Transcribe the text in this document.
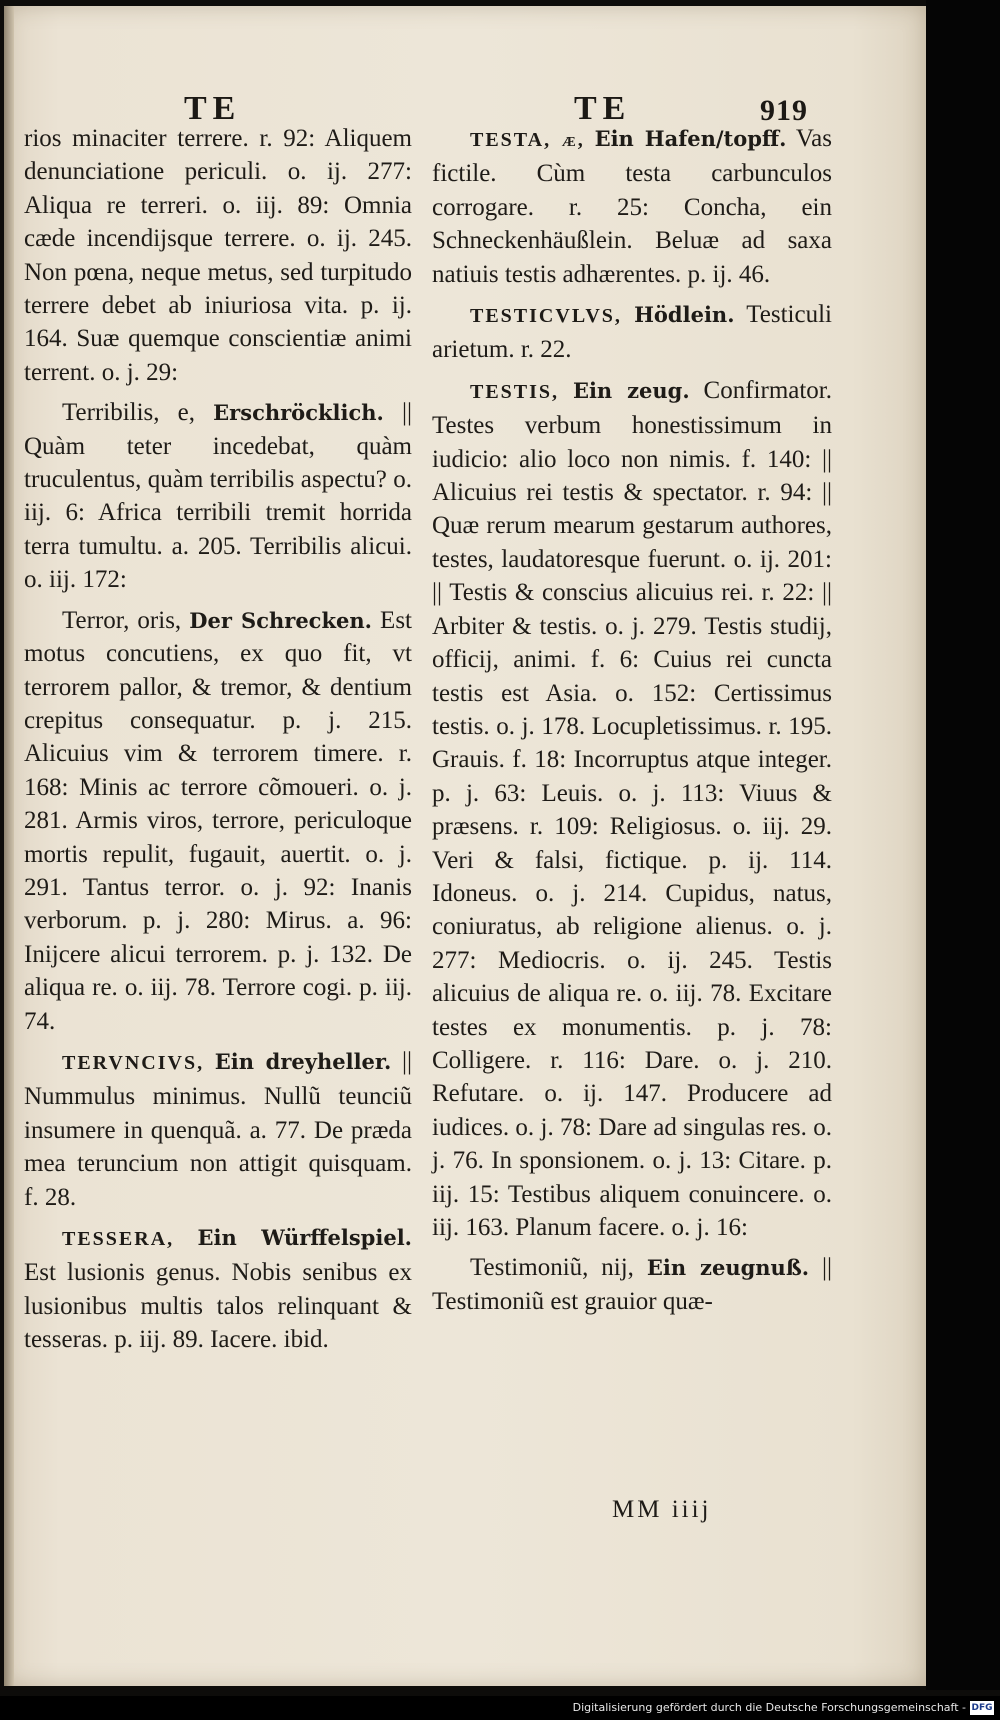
TE	TE	919

rios minaciter terrere. r. 92: Aliquem denunciatione periculi. o. ij. 277: Aliqua re terreri. o. iij. 89: Omnia cæde incendijsque terrere. o. ij. 245. Non pœna, neque metus, sed turpitudo terrere debet ab iniuriosa vita. p. ij. 164. Suæ quemque conscientiæ animi terrent. o. j. 29:

Terribilis, e, Erschröcklich. || Quàm teter incedebat, quàm truculentus, quàm terribilis aspectu? o. iij. 6: Africa terribili tremit horrida terra tumultu. a. 205. Terribilis alicui. o. iij. 172:

Terror, oris, Der Schrecken. Est motus concutiens, ex quo fit, vt terrorem pallor, & tremor, & dentium crepitus consequatur. p. j. 215. Alicuius vim & terrorem timere. r. 168: Minis ac terrore cõmoueri. o. j. 281. Armis viros, terrore, periculoque mortis repulit, fugauit, auertit. o. j. 291. Tantus terror. o. j. 92: Inanis verborum. p. j. 280: Mirus. a. 96: Inijcere alicui terrorem. p. j. 132. De aliqua re. o. iij. 78. Terrore cogi. p. iij. 74.

TERVNCIVS, Ein dreyheller. || Nummulus minimus. Nullũ teunciũ insumere in quenquã. a. 77. De præda mea teruncium non attigit quisquam. f. 28.

TESSERA, Ein Würffelspiel. Est lusionis genus. Nobis senibus ex lusionibus multis talos relinquant & tesseras. p. iij. 89. Iacere. ibid.

TESTA, æ, Ein Hafen/topff. Vas fictile. Cùm testa carbunculos corrogare. r. 25: Concha, ein Schneckenhäußlein. Beluæ ad saxa natiuis testis adhærentes. p. ij. 46.

TESTICVLVS, Hödlein. Testiculi arietum. r. 22.

TESTIS, Ein zeug. Confirmator. Testes verbum honestissimum in iudicio: alio loco non nimis. f. 140: || Alicuius rei testis & spectator. r. 94: || Quæ rerum mearum gestarum authores, testes, laudatoresque fuerunt. o. ij. 201: || Testis & conscius alicuius rei. r. 22: || Arbiter & testis. o. j. 279. Testis studij, officij, animi. f. 6: Cuius rei cuncta testis est Asia. o. 152: Certissimus testis. o. j. 178. Locupletissimus. r. 195. Grauis. f. 18: Incorruptus atque integer. p. j. 63: Leuis. o. j. 113: Viuus & præsens. r. 109: Religiosus. o. iij. 29. Veri & falsi, fictique. p. ij. 114. Idoneus. o. j. 214. Cupidus, natus, coniuratus, ab religione alienus. o. j. 277: Mediocris. o. ij. 245. Testis alicuius de aliqua re. o. iij. 78. Excitare testes ex monumentis. p. j. 78: Colligere. r. 116: Dare. o. j. 210. Refutare. o. ij. 147. Producere ad iudices. o. j. 78: Dare ad singulas res. o. j. 76. In sponsionem. o. j. 13: Citare. p. iij. 15: Testibus aliquem conuincere. o. iij. 163. Planum facere. o. j. 16:

Testimoniũ, nij, Ein zeugnuß. || Testimoniũ est grauior quæ-

MM iiij
Digitalisierung gefördert durch die Deutsche Forschungsgemeinschaft - DFG
